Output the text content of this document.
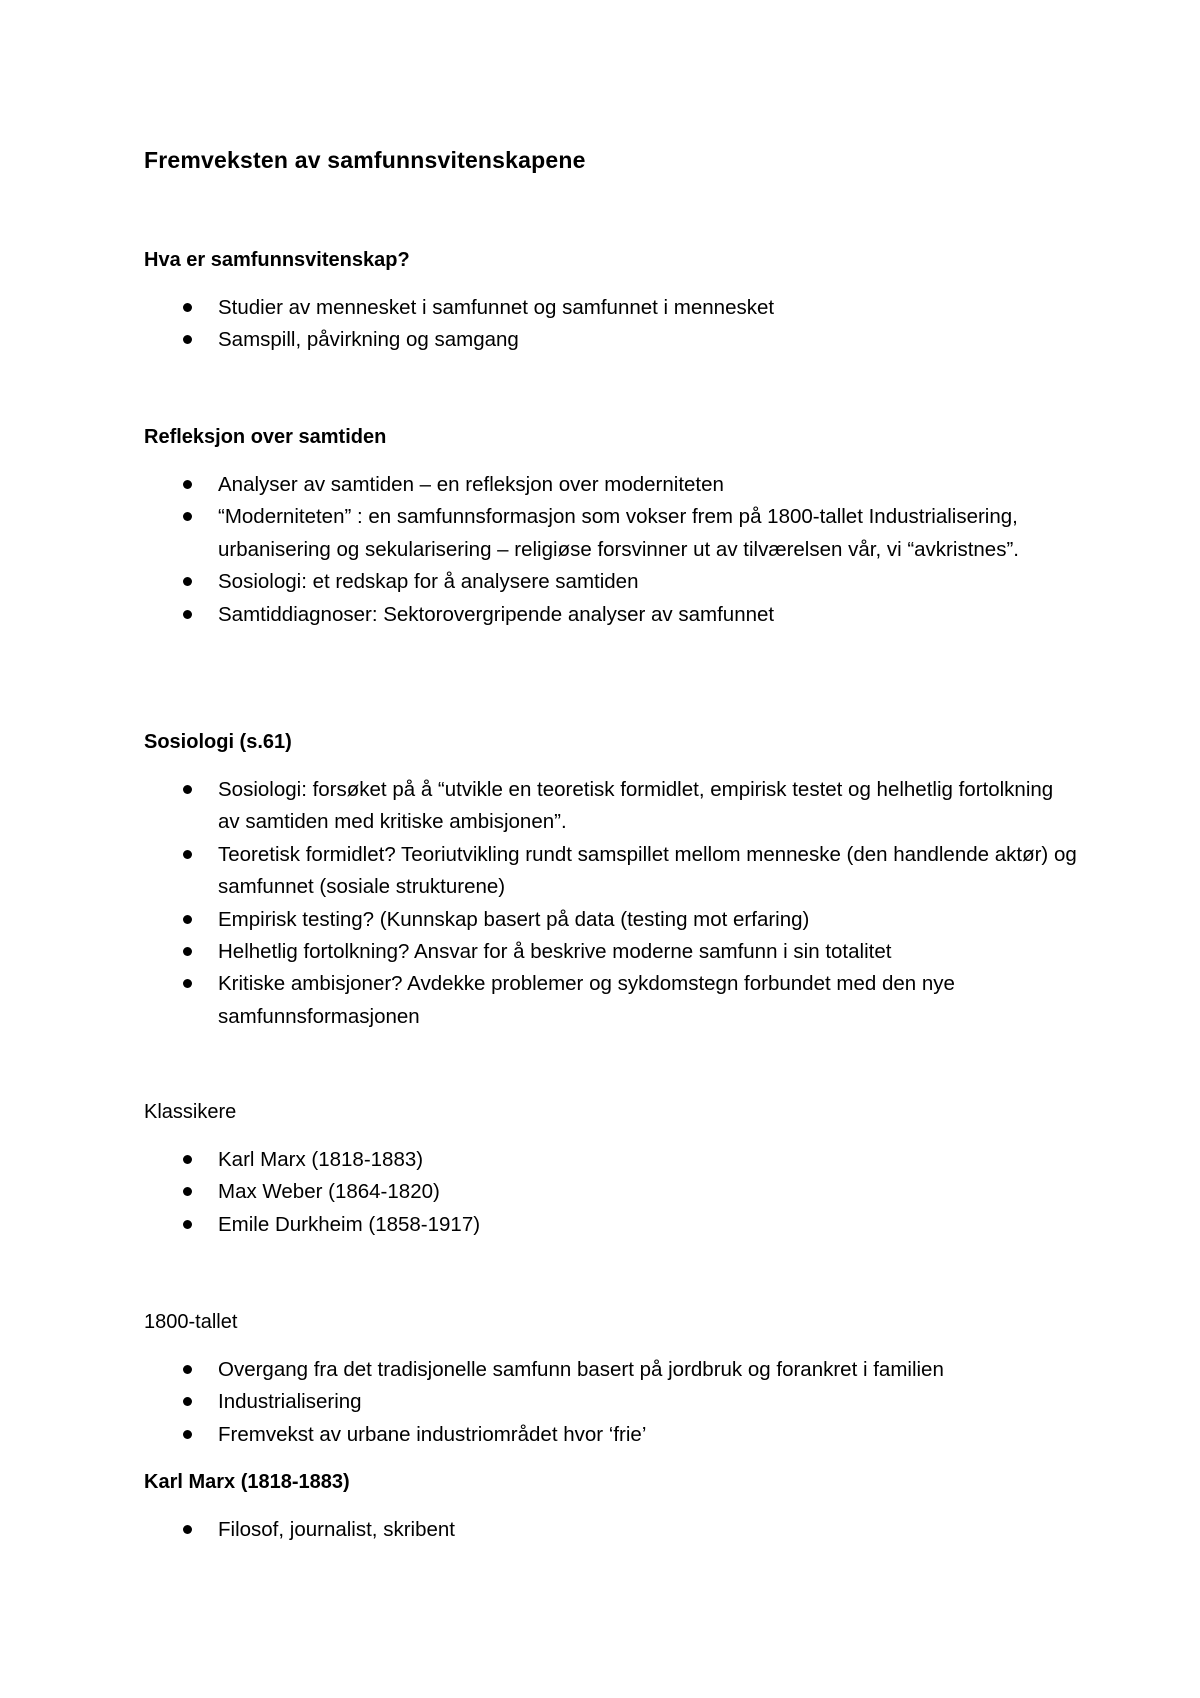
Fremveksten av samfunnsvitenskapene
Hva er samfunnsvitenskap?
Studier av mennesket i samfunnet og samfunnet i mennesket
Samspill, påvirkning og samgang
Refleksjon over samtiden
Analyser av samtiden – en refleksjon over moderniteten
“Moderniteten” : en samfunnsformasjon som vokser frem på 1800-tallet Industrialisering, urbanisering og sekularisering – religiøse forsvinner ut av tilværelsen vår, vi “avkristnes”.
Sosiologi: et redskap for å analysere samtiden
Samtiddiagnoser: Sektorovergripende analyser av samfunnet
Sosiologi (s.61)
Sosiologi: forsøket på å “utvikle en teoretisk formidlet, empirisk testet og helhetlig fortolkning av samtiden med kritiske ambisjonen”.
Teoretisk formidlet? Teoriutvikling rundt samspillet mellom menneske (den handlende aktør) og samfunnet (sosiale strukturene)
Empirisk testing? (Kunnskap basert på data (testing mot erfaring)
Helhetlig fortolkning? Ansvar for å beskrive moderne samfunn i sin totalitet
Kritiske ambisjoner? Avdekke problemer og sykdomstegn forbundet med den nye samfunnsformasjonen
Klassikere
Karl Marx (1818-1883)
Max Weber (1864-1820)
Emile Durkheim (1858-1917)
1800-tallet
Overgang fra det tradisjonelle samfunn basert på jordbruk og forankret i familien
Industrialisering
Fremvekst av urbane industriområdet hvor ‘frie’
Karl Marx (1818-1883)
Filosof, journalist, skribent
